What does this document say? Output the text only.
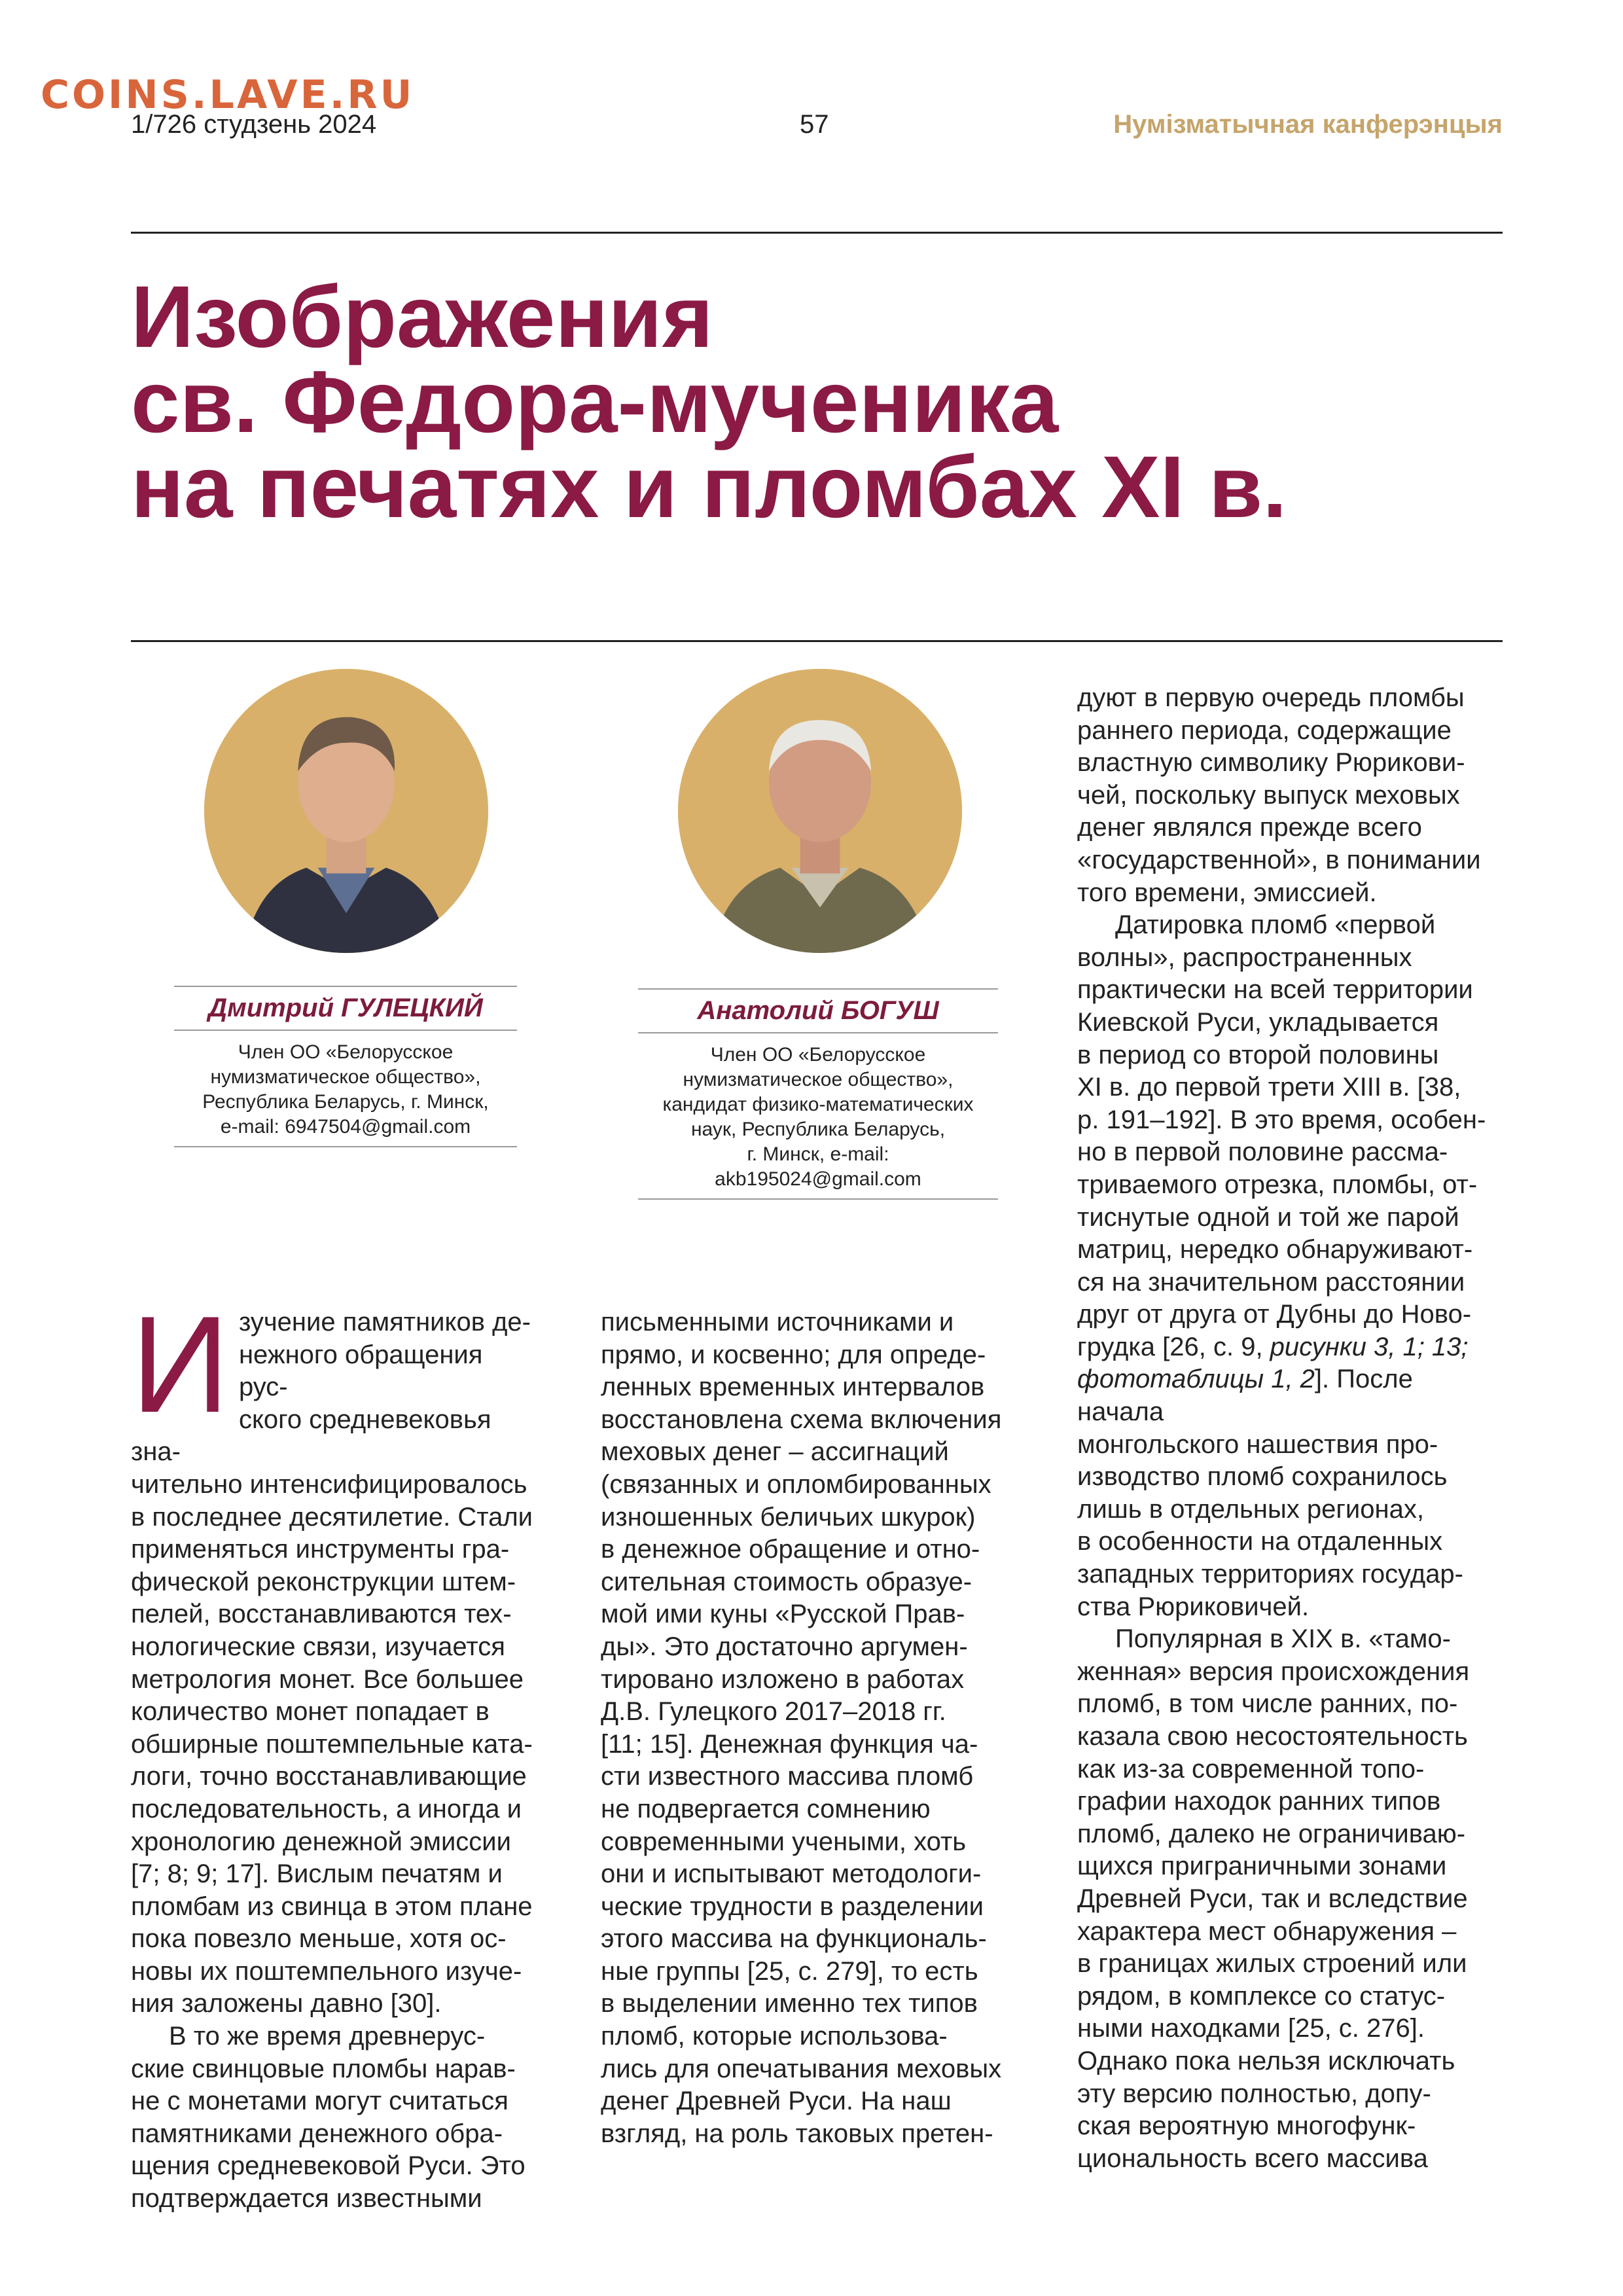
COINS.LAVE.RU
1/726 студзень 2024	57	Нумізматычная канферэнцыя
Изображения
св. Федора-мученика
на печатях и пломбах XI в.
Дмитрий ГУЛЕЦКИЙ
Член ОО «Белорусское
нумизматическое общество»,
Республика Беларусь, г. Минск,
e-mail: 6947504@gmail.com
Анатолий БОГУШ
Член ОО «Белорусское
нумизматическое общество»,
кандидат физико-математических
наук, Республика Беларусь,
г. Минск, e-mail:
akb195024@gmail.com
И зучение памятников де-
нежного обращения рус-
ского средневековья зна-
чительно интенсифицировалось
в последнее десятилетие. Стали
применяться инструменты гра-
фической реконструкции штем-
пелей, восстанавливаются тех-
нологические связи, изучается
метрология монет. Все большее
количество монет попадает в
обширные поштемпельные ката-
логи, точно восстанавливающие
последовательность, а иногда и
хронологию денежной эмиссии
[7; 8; 9; 17]. Вислым печатям и
пломбам из свинца в этом плане
пока повезло меньше, хотя ос-
новы их поштемпельного изуче-
ния заложены давно [30].

В то же время древнерус-
ские свинцовые пломбы нарав-
не с монетами могут считаться
памятниками денежного обра-
щения средневековой Руси. Это
подтверждается известными

письменными источниками и
прямо, и косвенно; для опреде-
ленных временных интервалов
восстановлена схема включения
меховых денег – ассигнаций
(связанных и опломбированных
изношенных беличьих шкурок)
в денежное обращение и отно-
сительная стоимость образуе-
мой ими куны «Русской Прав-
ды». Это достаточно аргумен-
тировано изложено в работах
Д.В. Гулецкого 2017–2018 гг.
[11; 15]. Денежная функция ча-
сти известного массива пломб
не подвергается сомнению
современными учеными, хоть
они и испытывают методологи-
ческие трудности в разделении
этого массива на функциональ-
ные группы [25, с. 279], то есть
в выделении именно тех типов
пломб, которые использова-
лись для опечатывания меховых
денег Древней Руси. На наш
взгляд, на роль таковых претен-

дуют в первую очередь пломбы
раннего периода, содержащие
властную символику Рюрикови-
чей, поскольку выпуск меховых
денег являлся прежде всего
«государственной», в понимании
того времени, эмиссией.

Датировка пломб «первой
волны», распространенных
практически на всей территории
Киевской Руси, укладывается
в период со второй половины
XI в. до первой трети XIII в. [38,
р. 191–192]. В это время, особен-
но в первой половине рассма-
триваемого отрезка, пломбы, от-
тиснутые одной и той же парой
матриц, нередко обнаруживают-
ся на значительном расстоянии
друг от друга от Дубны до Ново-
грудка [26, с. 9, рисунки 3, 1; 13;
фототаблицы 1, 2]. После начала
монгольского нашествия про-
изводство пломб сохранилось
лишь в отдельных регионах,
в особенности на отдаленных
западных территориях государ-
ства Рюриковичей.

Популярная в XIX в. «тамо-
женная» версия происхождения
пломб, в том числе ранних, по-
казала свою несостоятельность
как из-за современной топо-
графии находок ранних типов
пломб, далеко не ограничиваю-
щихся приграничными зонами
Древней Руси, так и вследствие
характера мест обнаружения –
в границах жилых строений или
рядом, в комплексе со статус-
ными находками [25, с. 276].
Однако пока нельзя исключать
эту версию полностью, допу-
ская вероятную многофунк-
циональность всего массива
